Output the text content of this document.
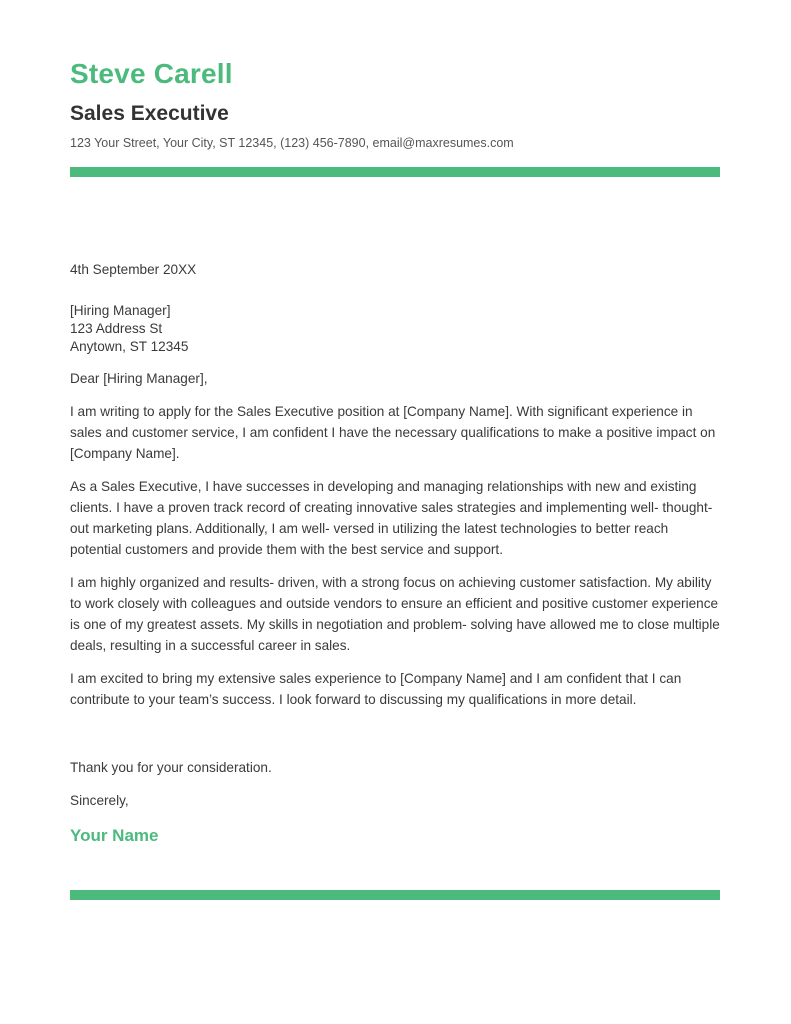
Steve Carell
Sales Executive
123 Your Street, Your City, ST 12345, (123) 456-7890, email@maxresumes.com
4th September 20XX
[Hiring Manager]
123 Address St
Anytown, ST 12345
Dear [Hiring Manager],

I am writing to apply for the Sales Executive position at [Company Name]. With significant experience in sales and customer service, I am confident I have the necessary qualifications to make a positive impact on [Company Name].

As a Sales Executive, I have successes in developing and managing relationships with new and existing clients. I have a proven track record of creating innovative sales strategies and implementing well- thought- out marketing plans. Additionally, I am well- versed in utilizing the latest technologies to better reach potential customers and provide them with the best service and support.

I am highly organized and results- driven, with a strong focus on achieving customer satisfaction. My ability to work closely with colleagues and outside vendors to ensure an efficient and positive customer experience is one of my greatest assets. My skills in negotiation and problem- solving have allowed me to close multiple deals, resulting in a successful career in sales.

I am excited to bring my extensive sales experience to [Company Name] and I am confident that I can contribute to your team’s success. I look forward to discussing my qualifications in more detail.

Thank you for your consideration.
Sincerely,
Your Name
